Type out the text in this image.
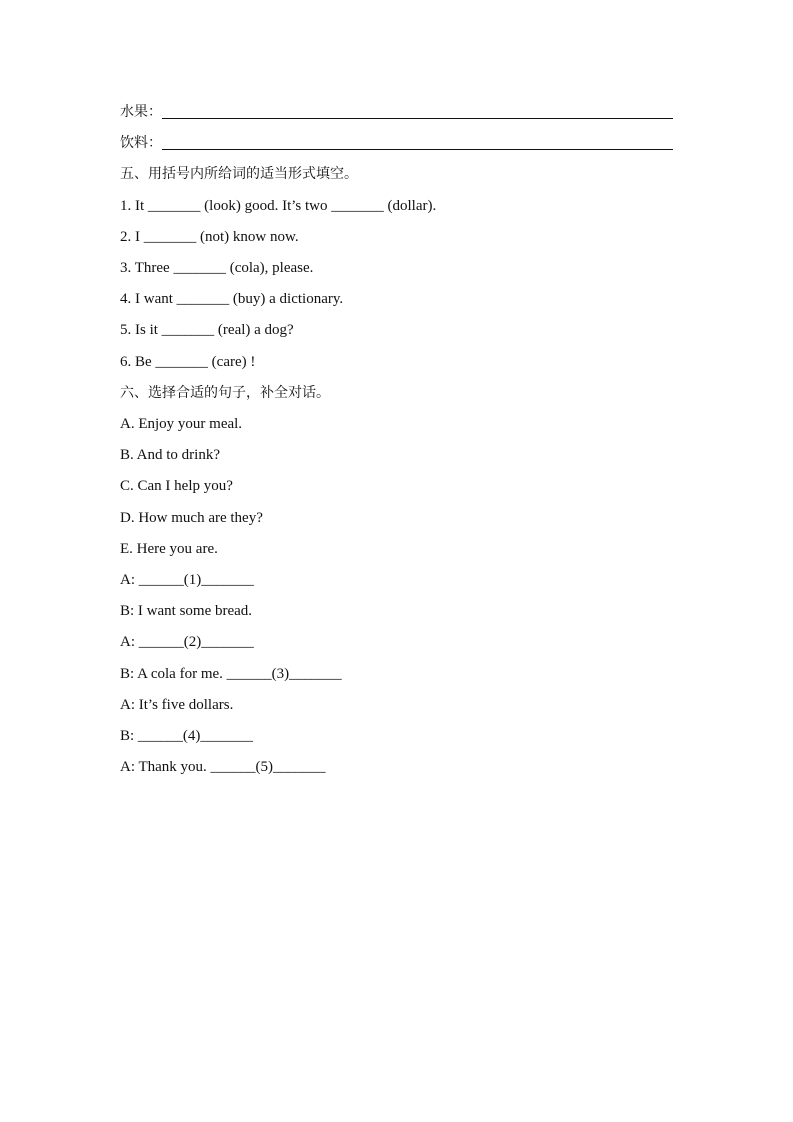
水果：
饮料：
五、用括号内所给词的适当形式填空。
1. It _______ (look) good. It’s two _______ (dollar).
2. I _______ (not) know now.
3. Three _______ (cola), please.
4. I want _______ (buy) a dictionary.
5. Is it _______ (real) a dog?
6. Be _______ (care) !
六、选择合适的句子，补全对话。
A. Enjoy your meal.
B. And to drink?
C. Can I help you?
D. How much are they?
E. Here you are.
A: ______(1)_______
B: I want some bread.
A: ______(2)_______
B: A cola for me. ______(3)_______
A: It’s five dollars.
B: ______(4)_______
A: Thank you. ______(5)_______
